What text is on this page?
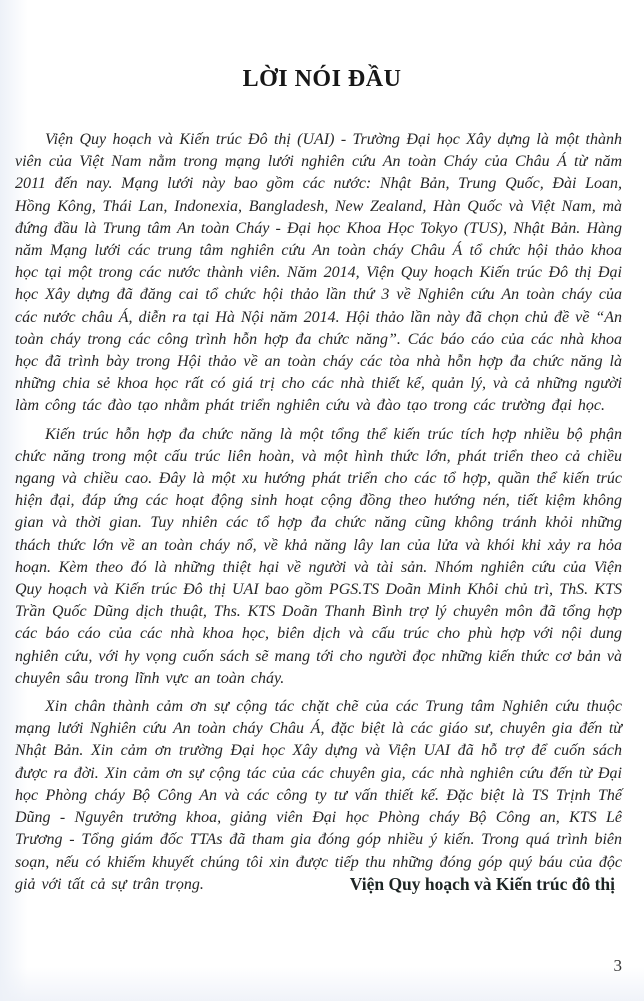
LỜI NÓI ĐẦU

Viện Quy hoạch và Kiến trúc Đô thị (UAI) - Trường Đại học Xây dựng là một thành viên của Việt Nam nằm trong mạng lưới nghiên cứu An toàn Cháy của Châu Á từ năm 2011 đến nay. Mạng lưới này bao gồm các nước: Nhật Bản, Trung Quốc, Đài Loan, Hồng Kông, Thái Lan, Indonexia, Bangladesh, New Zealand, Hàn Quốc và Việt Nam, mà đứng đầu là Trung tâm An toàn Cháy - Đại học Khoa Học Tokyo (TUS), Nhật Bản. Hàng năm Mạng lưới các trung tâm nghiên cứu An toàn cháy Châu Á tổ chức hội thảo khoa học tại một trong các nước thành viên. Năm 2014, Viện Quy hoạch Kiến trúc Đô thị Đại học Xây dựng đã đăng cai tổ chức hội thảo lần thứ 3 về Nghiên cứu An toàn cháy của các nước châu Á, diễn ra tại Hà Nội năm 2014. Hội thảo lần này đã chọn chủ đề về “An toàn cháy trong các công trình hỗn hợp đa chức năng”. Các báo cáo của các nhà khoa học đã trình bày trong Hội thảo về an toàn cháy các tòa nhà hỗn hợp đa chức năng là những chia sẻ khoa học rất có giá trị cho các nhà thiết kế, quản lý, và cả những người làm công tác đào tạo nhằm phát triển nghiên cứu và đào tạo trong các trường đại học.

Kiến trúc hỗn hợp đa chức năng là một tổng thể kiến trúc tích hợp nhiều bộ phận chức năng trong một cấu trúc liên hoàn, và một hình thức lớn, phát triển theo cả chiều ngang và chiều cao. Đây là một xu hướng phát triển cho các tổ hợp, quần thể kiến trúc hiện đại, đáp ứng các hoạt động sinh hoạt cộng đồng theo hướng nén, tiết kiệm không gian và thời gian. Tuy nhiên các tổ hợp đa chức năng cũng không tránh khỏi những thách thức lớn về an toàn cháy nổ, về khả năng lây lan của lửa và khói khi xảy ra hỏa hoạn. Kèm theo đó là những thiệt hại về người và tài sản. Nhóm nghiên cứu của Viện Quy hoạch và Kiến trúc Đô thị UAI bao gồm PGS.TS Doãn Minh Khôi chủ trì, ThS. KTS Trần Quốc Dũng dịch thuật, Ths. KTS Doãn Thanh Bình trợ lý chuyên môn đã tổng hợp các báo cáo của các nhà khoa học, biên dịch và cấu trúc cho phù hợp với nội dung nghiên cứu, với hy vọng cuốn sách sẽ mang tới cho người đọc những kiến thức cơ bản và chuyên sâu trong lĩnh vực an toàn cháy.

Xin chân thành cảm ơn sự cộng tác chặt chẽ của các Trung tâm Nghiên cứu thuộc mạng lưới Nghiên cứu An toàn cháy Châu Á, đặc biệt là các giáo sư, chuyên gia đến từ Nhật Bản. Xin cảm ơn trường Đại học Xây dựng và Viện UAI đã hỗ trợ để cuốn sách được ra đời. Xin cảm ơn sự cộng tác của các chuyên gia, các nhà nghiên cứu đến từ Đại học Phòng cháy Bộ Công An và các công ty tư vấn thiết kế. Đặc biệt là TS Trịnh Thế Dũng - Nguyên trưởng khoa, giảng viên Đại học Phòng cháy Bộ Công an, KTS Lê Trương - Tổng giám đốc TTAs đã tham gia đóng góp nhiều ý kiến. Trong quá trình biên soạn, nếu có khiếm khuyết chúng tôi xin được tiếp thu những đóng góp quý báu của độc giả với tất cả sự trân trọng.	Viện Quy hoạch và Kiến trúc đô thị
3
